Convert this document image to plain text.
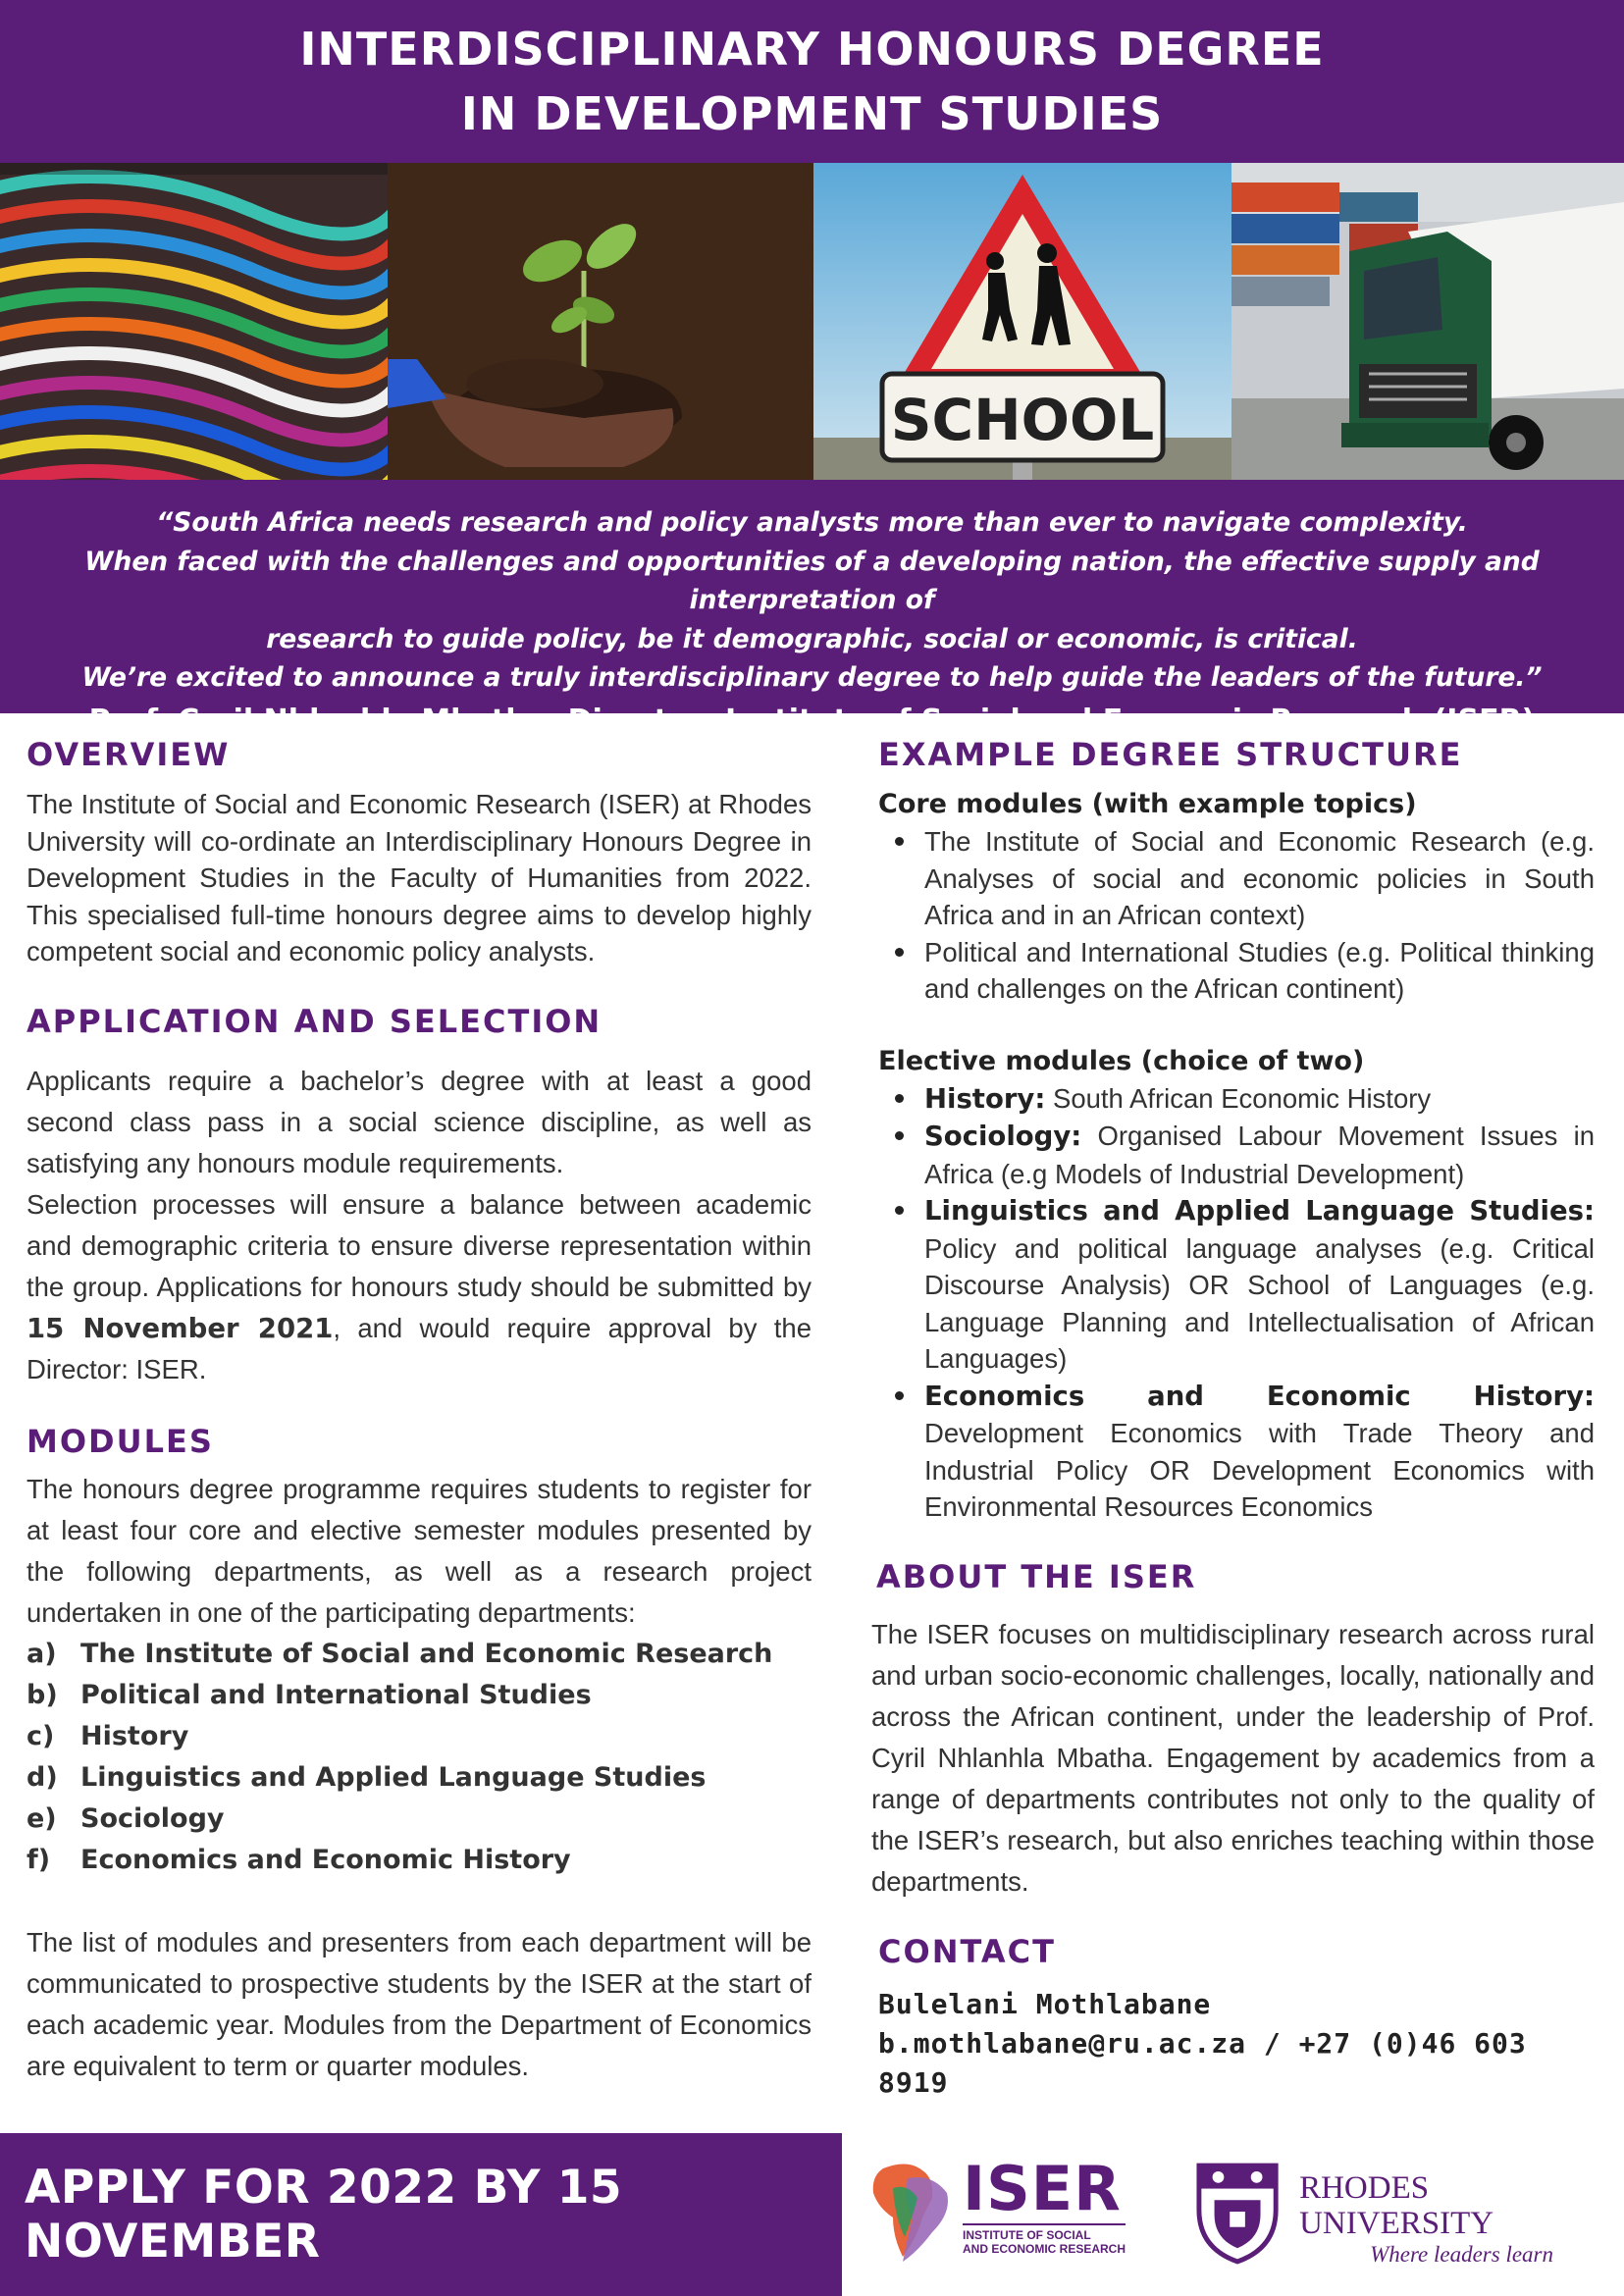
INTERDISCIPLINARY HONOURS DEGREE
IN DEVELOPMENT STUDIES
SCHOOL
“South Africa needs research and policy analysts more than ever to navigate complexity.
When faced with the challenges and opportunities of a developing nation, the effective supply and interpretation of
research to guide policy, be it demographic, social or economic, is critical.
We’re excited to announce a truly interdisciplinary degree to help guide the leaders of the future.”
Prof. Cyril Nhlanhla Mbatha, Director: Institute of Social and Economic Research (ISER)
OVERVIEW

The Institute of Social and Economic Research (ISER) at Rhodes University will co-ordinate an Interdisciplinary Honours Degree in Development Studies in the Faculty of Humanities from 2022. This specialised full-time honours degree aims to develop highly competent social and economic policy analysts.

APPLICATION AND SELECTION

Applicants require a bachelor’s degree with at least a good second class pass in a social science discipline, as well as satisfying any honours module requirements.

Selection processes will ensure a balance between academic and demographic criteria to ensure diverse representation within the group. Applications for honours study should be submitted by 15 November 2021, and would require approval by the Director: ISER.

MODULES

The honours degree programme requires students to register for at least four core and elective semester modules presented by the following departments, as well as a research project undertaken in one of the participating departments:

a) The Institute of Social and Economic Research
b) Political and International Studies
c) History
d) Linguistics and Applied Language Studies
e) Sociology
f)	Economics and Economic History

The list of modules and presenters from each department will be communicated to prospective students by the ISER at the start of each academic year. Modules from the Department of Economics are equivalent to term or quarter modules.

EXAMPLE DEGREE STRUCTURE
Core modules (with example topics)
The Institute of Social and Economic Research (e.g. Analyses of social and economic policies in South Africa and in an African context)
Political and International Studies (e.g. Political thinking and challenges on the African continent)
Elective modules (choice of two)
History: South African Economic History
Sociology: Organised Labour Movement Issues in Africa (e.g Models of Industrial Development)
Linguistics and Applied Language Studies: Policy and political language analyses (e.g. Critical Discourse Analysis) OR School of Languages (e.g. Language Planning and Intellectualisation of African Languages)
Economics and Economic History: Development Economics with Trade Theory and Industrial Policy OR Development Economics with Environmental Resources Economics
ABOUT THE ISER

The ISER focuses on multidisciplinary research across rural and urban socio-economic challenges, locally, nationally and across the African continent, under the leadership of Prof. Cyril Nhlanhla Mbatha. Engagement by academics from a range of departments contributes not only to the quality of the ISER’s research, but also enriches teaching within those departments.

CONTACT
Bulelani Mothlabane
b.mothlabane@ru.ac.za / +27 (0)46 603 8919
APPLY FOR 2022 BY 15 NOVEMBER
ISER
INSTITUTE OF SOCIAL
AND ECONOMIC RESEARCH
RHODES UNIVERSITY
Where leaders learn
